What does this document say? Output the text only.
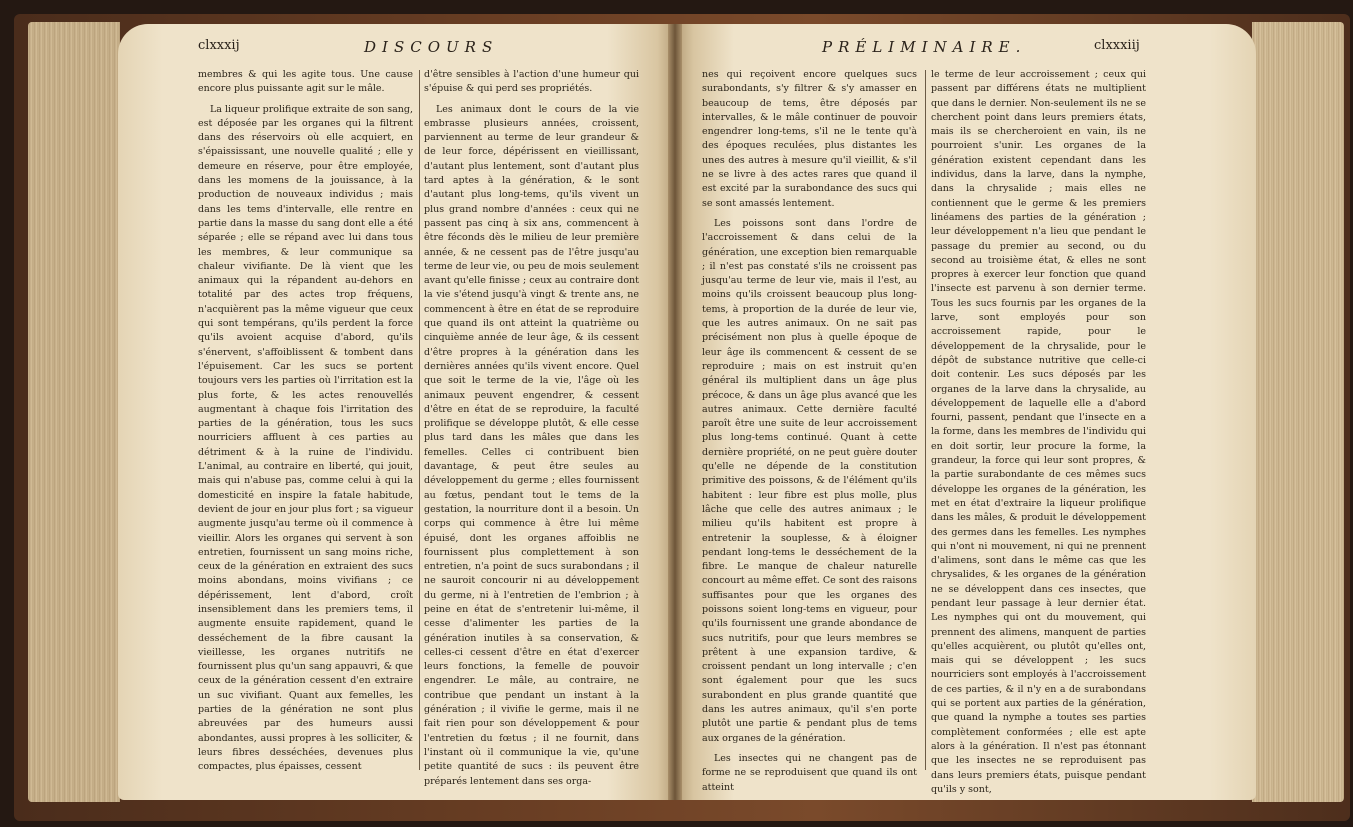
clxxxij	DISCOURS	PRÉLIMINAIRE.	clxxxiij

membres & qui les agite tous. Une cause encore plus puissante agit sur le mâle.

La liqueur prolifique extraite de son sang, est déposée par les organes qui la filtrent dans des réservoirs où elle acquiert, en s'épaississant, une nouvelle qualité ; elle y demeure en réserve, pour être employée, dans les momens de la jouissance, à la production de nouveaux individus ; mais dans les tems d'intervalle, elle rentre en partie dans la masse du sang dont elle a été séparée ; elle se répand avec lui dans tous les membres, & leur communique sa chaleur vivifiante. De là vient que les animaux qui la répandent au-dehors en totalité par des actes trop fréquens, n'acquièrent pas la même vigueur que ceux qui sont tempérans, qu'ils perdent la force qu'ils avoient acquise d'abord, qu'ils s'énervent, s'affoiblissent & tombent dans l'épuisement. Car les sucs se portent toujours vers les parties où l'irritation est la plus forte, & les actes renouvellés augmentant à chaque fois l'irritation des parties de la génération, tous les sucs nourriciers affluent à ces parties au détriment & à la ruine de l'individu. L'animal, au contraire en liberté, qui jouit, mais qui n'abuse pas, comme celui à qui la domesticité en inspire la fatale habitude, devient de jour en jour plus fort ; sa vigueur augmente jusqu'au terme où il commence à vieillir. Alors les organes qui servent à son entretien, fournissent un sang moins riche, ceux de la génération en extraient des sucs moins abondans, moins vivifians ; ce dépérissement, lent d'abord, croît insensiblement dans les premiers tems, il augmente ensuite rapidement, quand le desséchement de la fibre causant la vieillesse, les organes nutritifs ne fournissent plus qu'un sang appauvri, & que ceux de la génération cessent d'en extraire un suc vivifiant. Quant aux femelles, les parties de la génération ne sont plus abreuvées par des humeurs aussi abondantes, aussi propres à les solliciter, & leurs fibres desséchées, devenues plus compactes, plus épaisses, cessent

d'être sensibles à l'action d'une humeur qui s'épuise & qui perd ses propriétés.

Les animaux dont le cours de la vie embrasse plusieurs années, croissent, parviennent au terme de leur grandeur & de leur force, dépérissent en vieillissant, d'autant plus lentement, sont d'autant plus tard aptes à la génération, & le sont d'autant plus long-tems, qu'ils vivent un plus grand nombre d'années : ceux qui ne passent pas cinq à six ans, commencent à être féconds dès le milieu de leur première année, & ne cessent pas de l'être jusqu'au terme de leur vie, ou peu de mois seulement avant qu'elle finisse ; ceux au contraire dont la vie s'étend jusqu'à vingt & trente ans, ne commencent à être en état de se reproduire que quand ils ont atteint la quatrième ou cinquième année de leur âge, & ils cessent d'être propres à la génération dans les dernières années qu'ils vivent encore. Quel que soit le terme de la vie, l'âge où les animaux peuvent engendrer, & cessent d'être en état de se reproduire, la faculté prolifique se développe plutôt, & elle cesse plus tard dans les mâles que dans les femelles. Celles ci contribuent bien davantage, & peut être seules au développement du germe ; elles fournissent au fœtus, pendant tout le tems de la gestation, la nourriture dont il a besoin. Un corps qui commence à être lui même épuisé, dont les organes affoiblis ne fournissent plus complettement à son entretien, n'a point de sucs surabondans ; il ne sauroit concourir ni au développement du germe, ni à l'entretien de l'embrion ; à peine en état de s'entretenir lui-même, il cesse d'alimenter les parties de la génération inutiles à sa conservation, & celles-ci cessent d'être en état d'exercer leurs fonctions, la femelle de pouvoir engendrer. Le mâle, au contraire, ne contribue que pendant un instant à la génération ; il vivifie le germe, mais il ne fait rien pour son développement & pour l'entretien du fœtus ; il ne fournit, dans l'instant où il communique la vie, qu'une petite quantité de sucs : ils peuvent être préparés lentement dans ses orga-

nes qui reçoivent encore quelques sucs surabondants, s'y filtrer & s'y amasser en beaucoup de tems, être déposés par intervalles, & le mâle continuer de pouvoir engendrer long-tems, s'il ne le tente qu'à des époques reculées, plus distantes les unes des autres à mesure qu'il vieillit, & s'il ne se livre à des actes rares que quand il est excité par la surabondance des sucs qui se sont amassés lentement.

Les poissons sont dans l'ordre de l'accroissement & dans celui de la génération, une exception bien remarquable ; il n'est pas constaté s'ils ne croissent pas jusqu'au terme de leur vie, mais il l'est, au moins qu'ils croissent beaucoup plus long-tems, à proportion de la durée de leur vie, que les autres animaux. On ne sait pas précisément non plus à quelle époque de leur âge ils commencent & cessent de se reproduire ; mais on est instruit qu'en général ils multiplient dans un âge plus précoce, & dans un âge plus avancé que les autres animaux. Cette dernière faculté paroît être une suite de leur accroissement plus long-tems continué. Quant à cette dernière propriété, on ne peut guère douter qu'elle ne dépende de la constitution primitive des poissons, & de l'élément qu'ils habitent : leur fibre est plus molle, plus lâche que celle des autres animaux ; le milieu qu'ils habitent est propre à entretenir la souplesse, & à éloigner pendant long-tems le desséchement de la fibre. Le manque de chaleur naturelle concourt au même effet. Ce sont des raisons suffisantes pour que les organes des poissons soient long-tems en vigueur, pour qu'ils fournissent une grande abondance de sucs nutritifs, pour que leurs membres se prêtent à une expansion tardive, & croissent pendant un long intervalle ; c'en sont également pour que les sucs surabondent en plus grande quantité que dans les autres animaux, qu'il s'en porte plutôt une partie & pendant plus de tems aux organes de la génération.

Les insectes qui ne changent pas de forme ne se reproduisent que quand ils ont atteint

le terme de leur accroissement ; ceux qui passent par différens états ne multiplient que dans le dernier. Non-seulement ils ne se cherchent point dans leurs premiers états, mais ils se chercheroient en vain, ils ne pourroient s'unir. Les organes de la génération existent cependant dans les individus, dans la larve, dans la nymphe, dans la chrysalide ; mais elles ne contiennent que le germe & les premiers linéamens des parties de la génération ; leur développement n'a lieu que pendant le passage du premier au second, ou du second au troisième état, & elles ne sont propres à exercer leur fonction que quand l'insecte est parvenu à son dernier terme. Tous les sucs fournis par les organes de la larve, sont employés pour son accroissement rapide, pour le développement de la chrysalide, pour le dépôt de substance nutritive que celle-ci doit contenir. Les sucs déposés par les organes de la larve dans la chrysalide, au développement de laquelle elle a d'abord fourni, passent, pendant que l'insecte en a la forme, dans les membres de l'individu qui en doit sortir, leur procure la forme, la grandeur, la force qui leur sont propres, & la partie surabondante de ces mêmes sucs développe les organes de la génération, les met en état d'extraire la liqueur prolifique dans les mâles, & produit le développement des germes dans les femelles. Les nymphes qui n'ont ni mouvement, ni qui ne prennent d'alimens, sont dans le même cas que les chrysalides, & les organes de la génération ne se développent dans ces insectes, que pendant leur passage à leur dernier état. Les nymphes qui ont du mouvement, qui prennent des alimens, manquent de parties qu'elles acquièrent, ou plutôt qu'elles ont, mais qui se développent ; les sucs nourriciers sont employés à l'accroissement de ces parties, & il n'y en a de surabondans qui se portent aux parties de la génération, que quand la nymphe a toutes ses parties complètement conformées ; elle est apte alors à la génération. Il n'est pas étonnant que les insectes ne se reproduisent pas dans leurs premiers états, puisque pendant qu'ils y sont,
